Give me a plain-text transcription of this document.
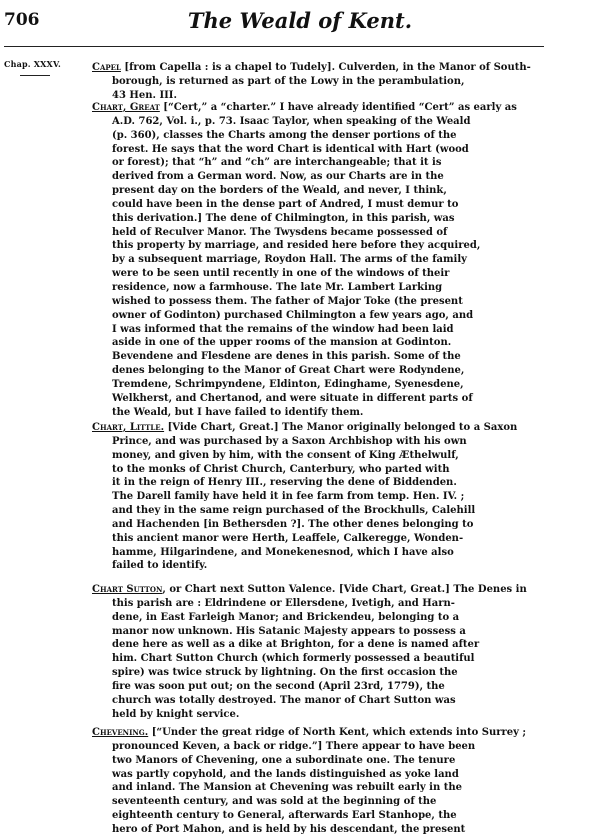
706	The Weald of Kent.
Chap. XXXV.	Capel [from Capella : is a chapel to Tudely]. Culverden, in the Manor of South-
borough, is returned as part of the Lowy in the perambulation,
43 Hen. III.
Chart, Great [“Cert,” a “charter.” I have already identified “Cert” as early as
A.D. 762, Vol. i., p. 73. Isaac Taylor, when speaking of the Weald
(p. 360), classes the Charts among the denser portions of the
forest. He says that the word Chart is identical with Hart (wood
or forest); that “h” and “ch” are interchangeable; that it is
derived from a German word. Now, as our Charts are in the
present day on the borders of the Weald, and never, I think,
could have been in the dense part of Andred, I must demur to
this derivation.] The dene of Chilmington, in this parish, was
held of Reculver Manor. The Twysdens became possessed of
this property by marriage, and resided here before they acquired,
by a subsequent marriage, Roydon Hall. The arms of the family
were to be seen until recently in one of the windows of their
residence, now a farmhouse. The late Mr. Lambert Larking
wished to possess them. The father of Major Toke (the present
owner of Godinton) purchased Chilmington a few years ago, and
I was informed that the remains of the window had been laid
aside in one of the upper rooms of the mansion at Godinton.
Bevendene and Flesdene are denes in this parish. Some of the
denes belonging to the Manor of Great Chart were Rodyndene,
Tremdene, Schrimpyndene, Eldinton, Edinghame, Syenesdene,
Welkherst, and Chertanod, and were situate in different parts of
the Weald, but I have failed to identify them.
Chart, Little. [Vide Chart, Great.] The Manor originally belonged to a Saxon
Prince, and was purchased by a Saxon Archbishop with his own
money, and given by him, with the consent of King Æthelwulf,
to the monks of Christ Church, Canterbury, who parted with
it in the reign of Henry III., reserving the dene of Biddenden.
The Darell family have held it in fee farm from temp. Hen. IV. ;
and they in the same reign purchased of the Brockhulls, Calehill
and Hachenden [in Bethersden ?]. The other denes belonging to
this ancient manor were Herth, Leaffele, Calkeregge, Wonden-
hamme, Hilgarindene, and Monekenesnod, which I have also
failed to identify.
Chart Sutton, or Chart next Sutton Valence. [Vide Chart, Great.] The Denes in
this parish are : Eldrindene or Ellersdene, Ivetigh, and Harn-
dene, in East Farleigh Manor; and Brickendeu, belonging to a
manor now unknown. His Satanic Majesty appears to possess a
dene here as well as a dike at Brighton, for a dene is named after
him. Chart Sutton Church (which formerly possessed a beautiful
spire) was twice struck by lightning. On the first occasion the
fire was soon put out; on the second (April 23rd, 1779), the
church was totally destroyed. The manor of Chart Sutton was
held by knight service.
Chevening. [“Under the great ridge of North Kent, which extends into Surrey ;
pronounced Keven, a back or ridge.”] There appear to have been
two Manors of Chevening, one a subordinate one. The tenure
was partly copyhold, and the lands distinguished as yoke land
and inland. The Mansion at Chevening was rebuilt early in the
seventeenth century, and was sold at the beginning of the
eighteenth century to General, afterwards Earl Stanhope, the
hero of Port Mahon, and is held by his descendant, the present
